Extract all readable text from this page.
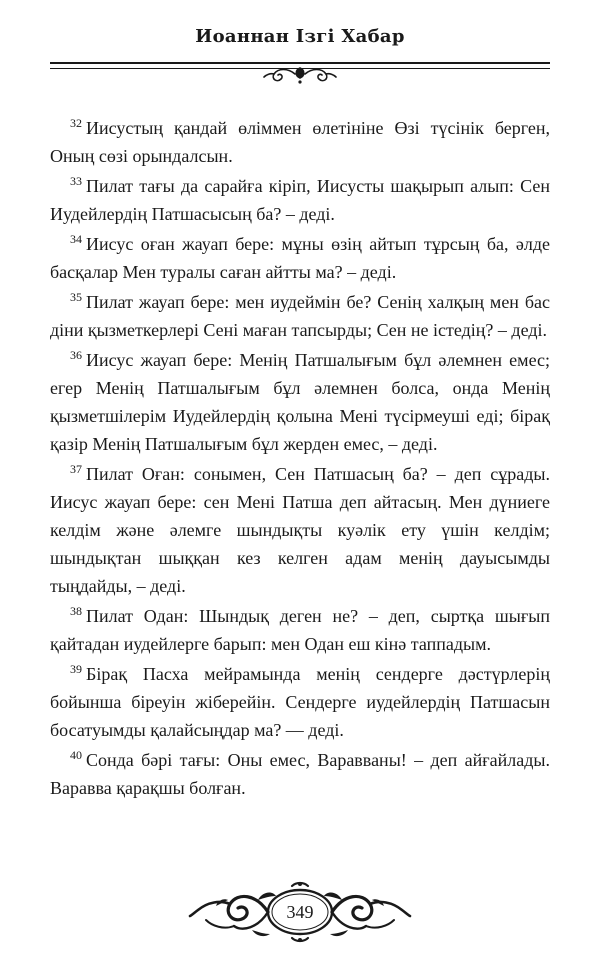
Иоаннан Ізгі Хабар

$^{32}$ Иисустың қандай өліммен өлетініне Өзі түсінік берген, Оның сөзі орындалсын.

$^{33}$ Пилат тағы да сарайға кіріп, Иисусты шақырып алып: Сен Иудейлердің Патшасысың ба? – деді.

$^{34}$ Иисус оған жауап бере: мұны өзің айтып тұрсың ба, әлде басқалар Мен туралы саған айтты ма? – деді.

$^{35}$ Пилат жауап бере: мен иудеймін бе? Сенің халқың мен бас діни қызметкерлері Сені маған тапсырды; Сен не істедің? – деді.

$^{36}$ Иисус жауап бере: Менің Патшалығым бұл әлемнен емес; егер Менің Патшалығым бұл әлемнен болса, онда Менің қызметшілерім Иудейлердің қолына Мені түсірмеуші еді; бірақ қазір Менің Патшалығым бұл жерден емес, – деді.

$^{37}$ Пилат Оған: сонымен, Сен Патшасың ба? – деп сұрады. Иисус жауап бере: сен Мені Патша деп айтасың. Мен дүниеге келдім және әлемге шындықты куәлік ету үшін келдім; шындықтан шыққан кез келген адам менің дауысымды тыңдайды, – деді.

$^{38}$ Пилат Одан: Шындық деген не? – деп, сыртқа шығып қайтадан иудейлерге барып: мен Одан еш кінә таппадым.

$^{39}$ Бірақ Пасха мейрамында менің сендерге дәстүрлерің бойынша біреуін жіберейін. Сендерге иудейлердің Патшасын босатуымды қалайсыңдар ма? — деді.

$^{40}$ Сонда бәрі тағы: Оны емес, Варавваны! – деп айғайлады. Варавва қарақшы болған.

349
